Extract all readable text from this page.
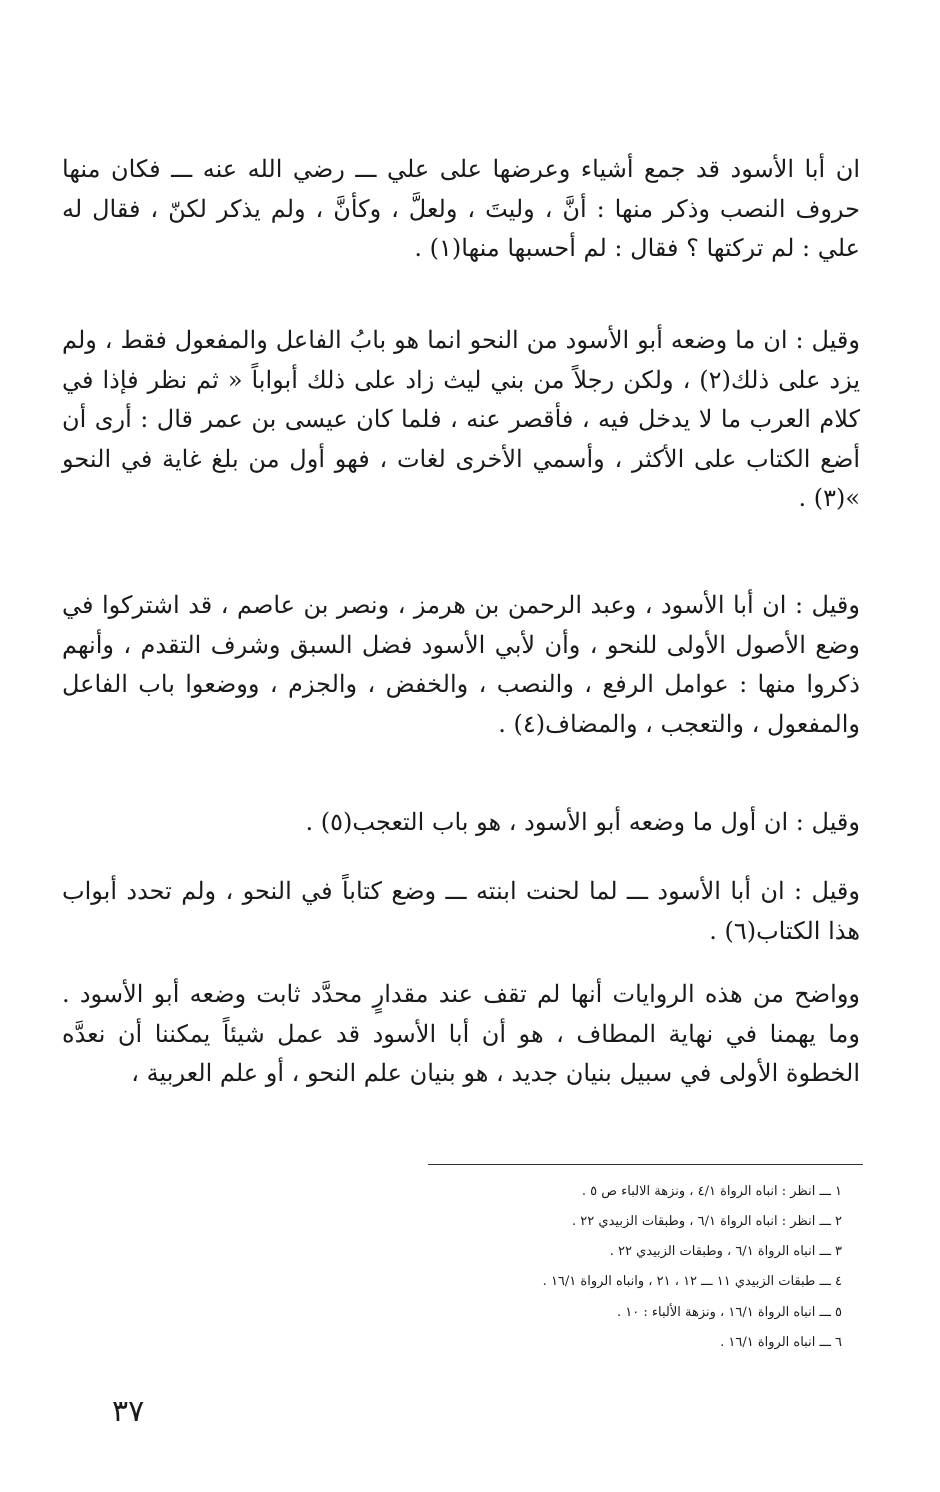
ان أبا الأسود قد جمع أشياء وعرضها على علي ـــ رضي الله عنه ـــ فكان منها حروف النصب وذكر منها : أنَّ ، وليتَ ، ولعلَّ ، وكأنَّ ، ولم يذكر لكنّ ، فقال له علي : لم تركتها ؟ فقال : لم أحسبها منها(١) .

وقيل : ان ما وضعه أبو الأسود من النحو انما هو بابُ الفاعل والمفعول فقط ، ولم يزد على ذلك(٢) ، ولكن رجلاً من بني ليث زاد على ذلك أبواباً « ثم نظر فإذا في كلام العرب ما لا يدخل فيه ، فأقصر عنه ، فلما كان عيسى بن عمر قال : أرى أن أضع الكتاب على الأكثر ، وأسمي الأخرى لغات ، فهو أول من بلغ غاية في النحو »(٣) .

وقيل : ان أبا الأسود ، وعبد الرحمن بن هرمز ، ونصر بن عاصم ، قد اشتركوا في وضع الأصول الأولى للنحو ، وأن لأبي الأسود فضل السبق وشرف التقدم ، وأنهم ذكروا منها : عوامل الرفع ، والنصب ، والخفض ، والجزم ، ووضعوا باب الفاعل والمفعول ، والتعجب ، والمضاف(٤) .

وقيل : ان أول ما وضعه أبو الأسود ، هو باب التعجب(٥) .

وقيل : ان أبا الأسود ـــ لما لحنت ابنته ـــ وضع كتاباً في النحو ، ولم تحدد أبواب هذا الكتاب(٦) .

وواضح من هذه الروايات أنها لم تقف عند مقدارٍ محدَّد ثابت وضعه أبو الأسود . وما يهمنا في نهاية المطاف ، هو أن أبا الأسود قد عمل شيئاً يمكننا أن نعدَّه الخطوة الأولى في سبيل بنيان جديد ، هو بنيان علم النحو ، أو علم العربية ،

١ ـــ انظر : انباه الرواة ٤/١ ، ونزهة الالباء ص ٥ .

٢ ـــ انظر : انباه الرواة ٦/١ ، وطبقات الزبيدي ٢٢ .

٣ ـــ انباه الرواة ٦/١ ، وطبقات الزبيدي ٢٢ .

٤ ـــ طبقات الزبيدي ١١ ـــ ١٢ ، ٢١ ، وانباه الرواة ١٦/١ .

٥ ـــ انباه الرواة ١٦/١ ، ونزهة الألباء : ١٠ .

٦ ـــ انباه الرواة ١٦/١ .

٣٧
